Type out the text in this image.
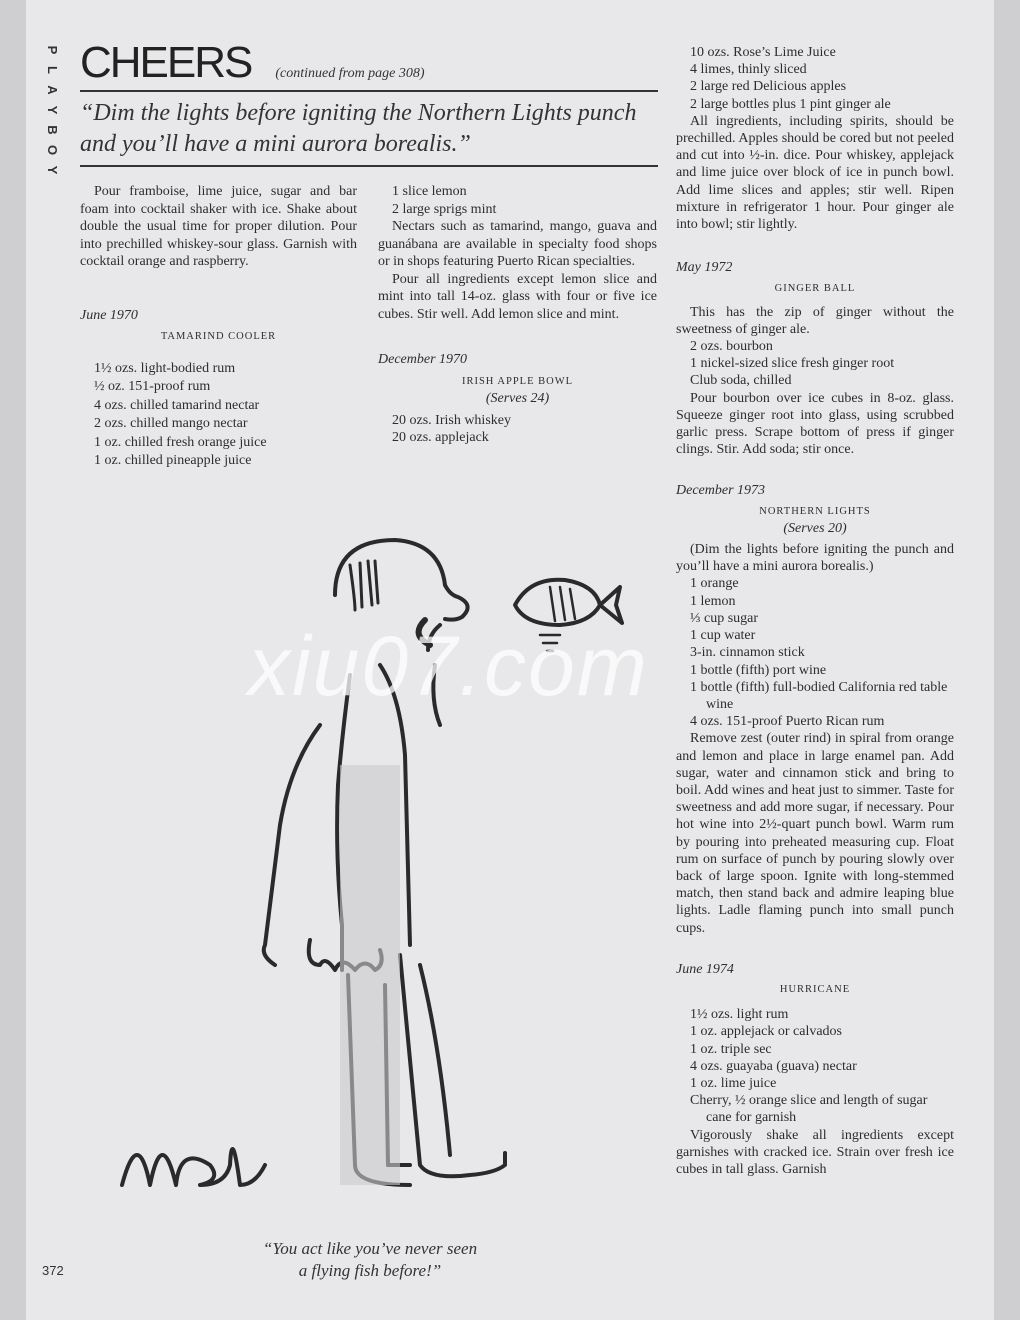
P
L
A
Y
B
O
Y
CHEERS (continued from page 308)
“Dim the lights before igniting the Northern Lights punch and you’ll have a mini aurora borealis.”

Pour framboise, lime juice, sugar and bar foam into cocktail shaker with ice. Shake about double the usual time for proper dilution. Pour into prechilled whiskey-sour glass. Garnish with cocktail orange and raspberry.

June 1970
TAMARIND COOLER
1½ ozs. light-bodied rum
½ oz. 151-proof rum
4 ozs. chilled tamarind nectar
2 ozs. chilled mango nectar
1 oz. chilled fresh orange juice
1 oz. chilled pineapple juice
1 slice lemon
2 large sprigs mint

Nectars such as tamarind, mango, guava and guanábana are available in specialty food shops or in shops featuring Puerto Rican specialties.

Pour all ingredients except lemon slice and mint into tall 14-oz. glass with four or five ice cubes. Stir well. Add lemon slice and mint.

December 1970
IRISH APPLE BOWL
(Serves 24)
20 ozs. Irish whiskey
20 ozs. applejack
10 ozs. Rose’s Lime Juice
4 limes, thinly sliced
2 large red Delicious apples
2 large bottles plus 1 pint ginger ale

All ingredients, including spirits, should be prechilled. Apples should be cored but not peeled and cut into ½-in. dice. Pour whiskey, applejack and lime juice over block of ice in punch bowl. Add lime slices and apples; stir well. Ripen mixture in refrigerator 1 hour. Pour ginger ale into bowl; stir lightly.

May 1972
GINGER BALL

This has the zip of ginger without the sweetness of ginger ale.

2 ozs. bourbon
1 nickel-sized slice fresh ginger root
Club soda, chilled

Pour bourbon over ice cubes in 8-oz. glass. Squeeze ginger root into glass, using scrubbed garlic press. Scrape bottom of press if ginger clings. Stir. Add soda; stir once.

December 1973
NORTHERN LIGHTS
(Serves 20)

(Dim the lights before igniting the punch and you’ll have a mini aurora borealis.)

1 orange
1 lemon
⅓ cup sugar
1 cup water
3-in. cinnamon stick
1 bottle (fifth) port wine
1 bottle (fifth) full-bodied California red table wine
4 ozs. 151-proof Puerto Rican rum

Remove zest (outer rind) in spiral from orange and lemon and place in large enamel pan. Add sugar, water and cinnamon stick and bring to boil. Add wines and heat just to simmer. Taste for sweetness and add more sugar, if necessary. Pour hot wine into 2½-quart punch bowl. Warm rum by pouring into preheated measuring cup. Float rum on surface of punch by pouring slowly over back of large spoon. Ignite with long-stemmed match, then stand back and admire leaping blue lights. Ladle flaming punch into small punch cups.

June 1974
HURRICANE
1½ ozs. light rum
1 oz. applejack or calvados
1 oz. triple sec
4 ozs. guayaba (guava) nectar
1 oz. lime juice
Cherry, ½ orange slice and length of sugar cane for garnish

Vigorously shake all ingredients except garnishes with cracked ice. Strain over fresh ice cubes in tall glass. Garnish

Mal
xiu07.com
“You act like you’ve never seen
a flying fish before!”
372
